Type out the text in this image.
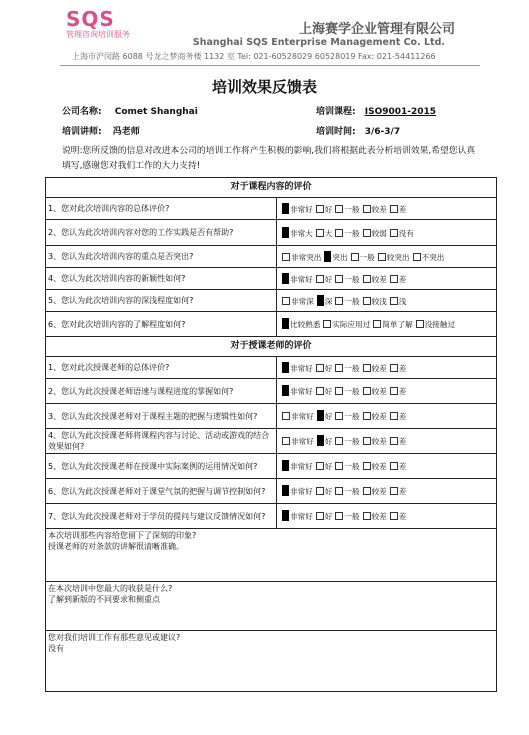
SQS
管理咨询培训服务	上海赛学企业管理有限公司
Shanghai SQS Enterprise Management Co. Ltd.
上海市沪闵路 6088 号龙之梦商务楼 1132 室 Tel: 021-60528029 60528019 Fax: 021-54411266
培训效果反馈表
公司名称: Comet Shanghai	培训课程: ISO9001-2015
培训讲师: 冯老师	培训时间: 3/6-3/7
说明:您所反馈的信息对改进本公司的培训工作将产生积极的影响,我们将根据此表分析培训效果,希望您认真填写,感谢您对我们工作的大力支持!
对于课程内容的评价	
1、您对此次培训内容的总体评价?	非常好 好 一般 较差 差
2、您认为此次培训内容对您的工作实践是否有帮助?	非常大 大 一般 较弱 没有
3、您认为此次培训内容的重点是否突出?	非常突出 突出 一般 较突出 不突出
4、您认为此次培训内容的新颖性如何?	非常好 好 一般 较差 差
5、您认为此次培训内容的深浅程度如何?	非常深 深 一般 较浅 浅
6、您对此次培训内容的了解程度如何?	比较熟悉 实际应用过 简单了解 没接触过
对于授课老师的评价	
1、您对此次授课老师的总体评价?	非常好 好 一般 较差 差
2、您认为此次授课老师语速与课程进度的掌握如何?	非常好 好 一般 较差 差
3、您认为此次授课老师对于课程主题的把握与逻辑性如何?	非常好 好 一般 较差 差
4、您认为此次授课老师将课程内容与讨论、活动或游戏的结合效果如何?	非常好 好 一般 较差 差
5、您认为此次授课老师在授课中实际案例的运用情况如何?	非常好 好 一般 较差 差
6、您认为此次授课老师对于课堂气氛的把握与调节控制如何?	非常好 好 一般 较差 差
7、您认为此次授课老师对于学员的提问与建议反馈情况如何?	非常好 好 一般 较差 差

本次培训那些内容给您留下了深刻的印象?
授课老师的对条款的讲解很清晰准确。	

在本次培训中您最大的收获是什么?
了解到新版的不同要求和侧重点	

您对我们培训工作有那些意见或建议?
没有	
